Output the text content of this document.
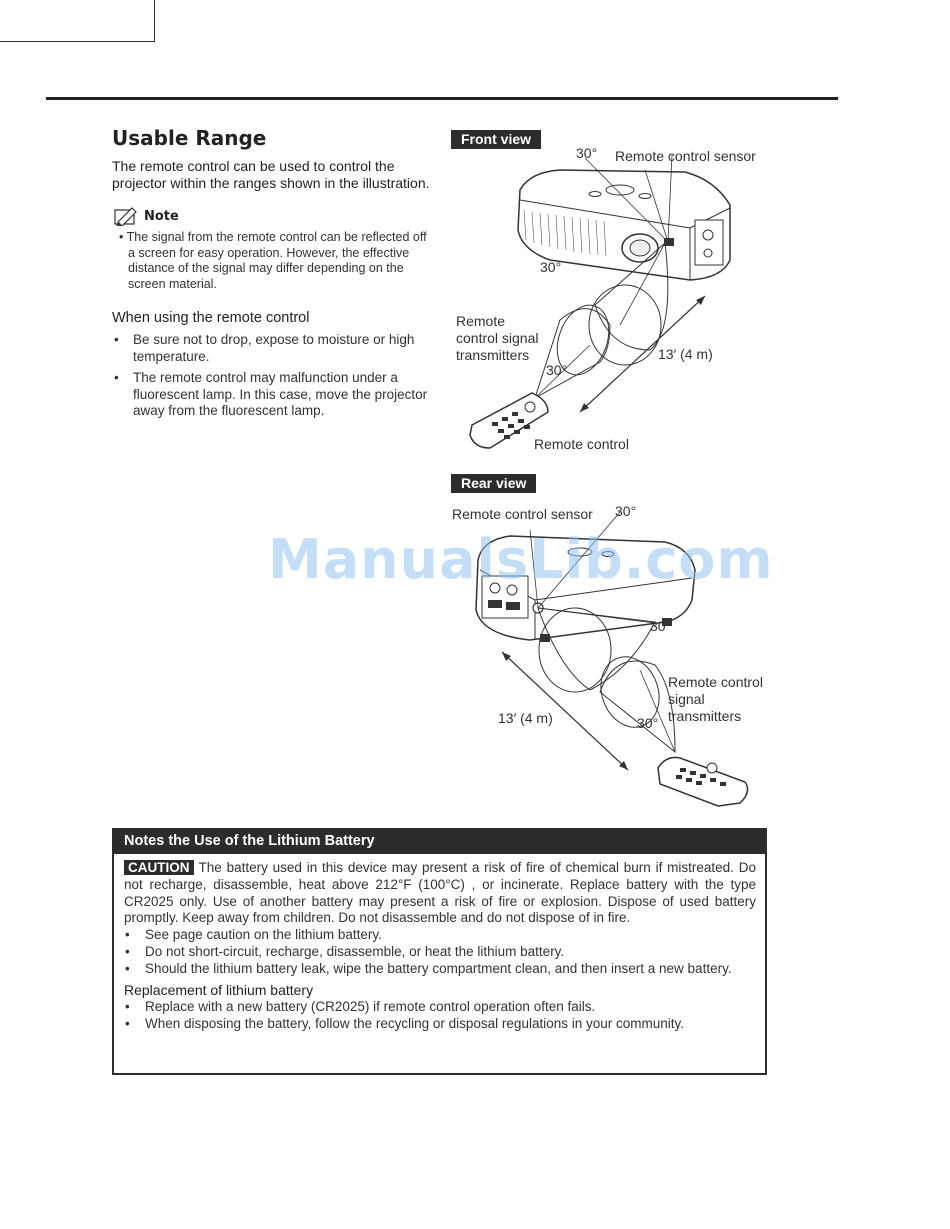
Usable Range

The remote control can be used to control the projector within the ranges shown in the illustration.

Note

• The signal from the remote control can be reflected off a screen for easy operation. However, the effective distance of the signal may differ depending on the screen material.

When using the remote control
• Be sure not to drop, expose to moisture or high temperature.
• The remote control may malfunction under a fluorescent lamp. In this case, move the projector away from the fluorescent lamp.
Front view
30° Remote control sensor
30°
Remote
control signal
transmitters
30°
13′ (4 m)
Remote control
Rear view
Remote control sensor 30°
30°
Remote control
signal
transmitters
13′ (4 m)	30°
ManualsLib.com
Notes the Use of the Lithium Battery

CAUTION The battery used in this device may present a risk of fire of chemical burn if mistreated. Do not recharge, disassemble, heat above 212°F (100°C) , or incinerate. Replace battery with the type CR2025 only. Use of another battery may present a risk of fire or explosion. Dispose of used battery promptly. Keep away from children. Do not disassemble and do not dispose of in fire.

• See page caution on the lithium battery.
• Do not short-circuit, recharge, disassemble, or heat the lithium battery.
• Should the lithium battery leak, wipe the battery compartment clean, and then insert a new battery.
Replacement of lithium battery
• Replace with a new battery (CR2025) if remote control operation often fails.
• When disposing the battery, follow the recycling or disposal regulations in your community.
